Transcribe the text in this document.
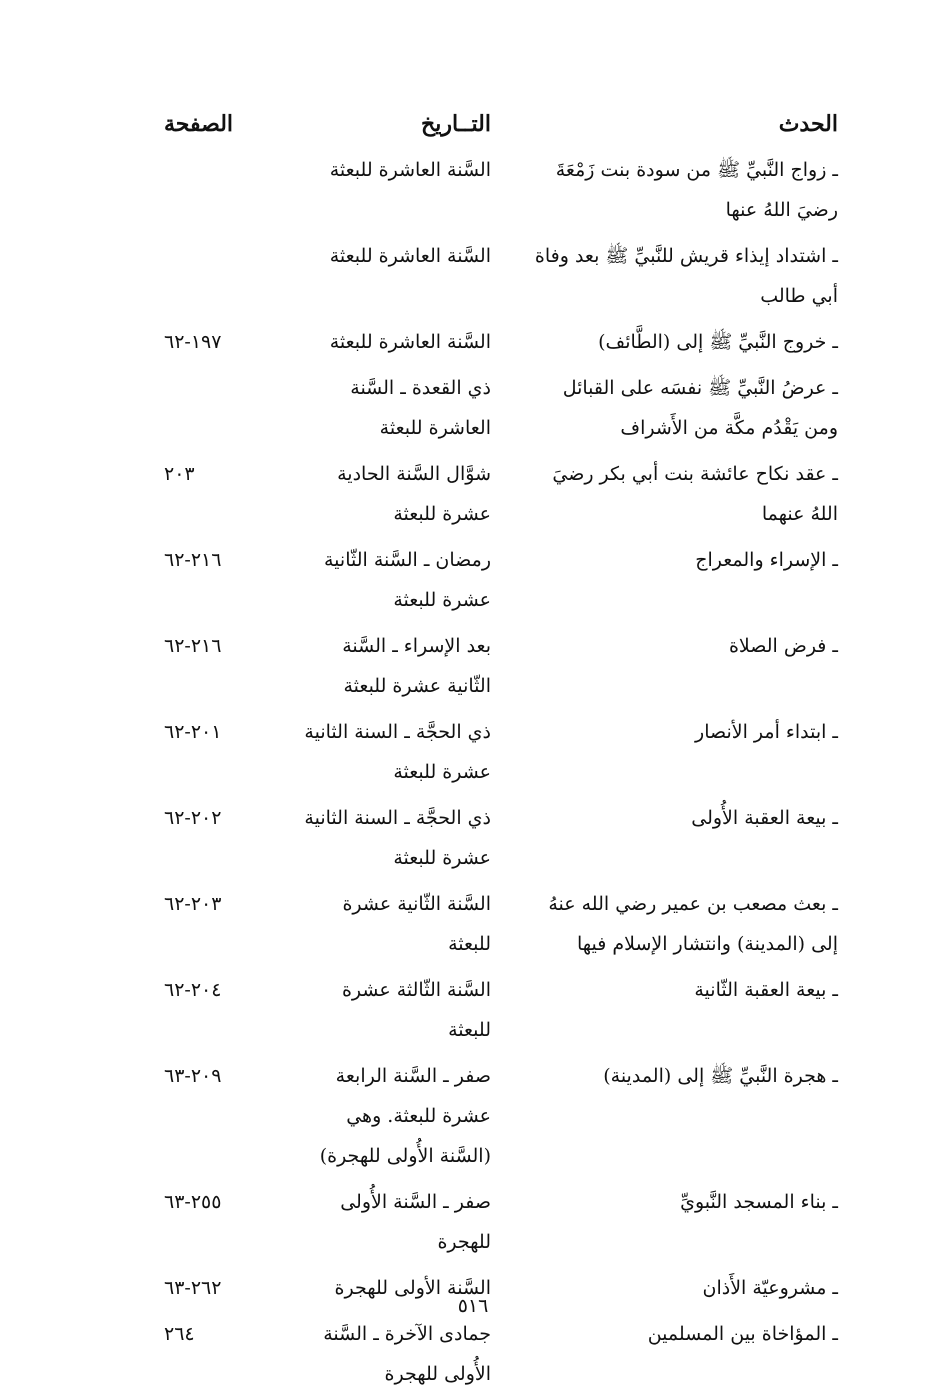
الحدث
التــاريخ
الصفحة
ـ زواج النَّبيِّ ﷺ من سودة بنت زَمْعَةَ رضيَ اللهُ عنها
السَّنة العاشرة للبعثة
ـ اشتداد إيذاء قريش للنَّبيِّ ﷺ بعد وفاة أبي طالب
السَّنة العاشرة للبعثة
ـ خروج النَّبيِّ ﷺ إلى (الطَّائف)
السَّنة العاشرة للبعثة
١٩٧-٦٢
ـ عرضُ النَّبيِّ ﷺ نفسَه على القبائل ومن يَقْدُم مكَّة من الأَشراف
ذي القعدة ـ السَّنة العاشرة للبعثة
ـ عقد نكاح عائشة بنت أبي بكر رضيَ اللهُ عنهما
شوَّال السَّنة الحادية عشرة للبعثة
٢٠٣
ـ الإسراء والمعراج
رمضان ـ السَّنة الثّانية عشرة للبعثة
٢١٦-٦٢
ـ فرض الصلاة
بعد الإسراء ـ السَّنة الثّانية عشرة للبعثة
٢١٦-٦٢
ـ ابتداء أمر الأنصار
ذي الحجَّة ـ السنة الثانية عشرة للبعثة
٢٠١-٦٢
ـ بيعة العقبة الأُولى
ذي الحجَّة ـ السنة الثانية عشرة للبعثة
٢٠٢-٦٢
ـ بعث مصعب بن عمير رضي الله عنهُ إلى (المدينة) وانتشار الإسلام فيها
السَّنة الثّانية عشرة للبعثة
٢٠٣-٦٢
ـ بيعة العقبة الثّانية
السَّنة الثّالثة عشرة للبعثة
٢٠٤-٦٢
ـ هجرة النَّبيِّ ﷺ إلى (المدينة)
صفر ـ السَّنة الرابعة عشرة للبعثة. وهي (السَّنة الأُولى للهجرة)
٢٠٩-٦٣
ـ بناء المسجد النَّبويِّ
صفر ـ السَّنة الأُولى للهجرة
٢٥٥-٦٣
ـ مشروعيّة الأَذان
السَّنة الأولى للهجرة
٢٦٢-٦٣
ـ المؤاخاة بين المسلمين
جمادى الآخرة ـ السَّنة الأُولى للهجرة
٢٦٤
٥١٦
